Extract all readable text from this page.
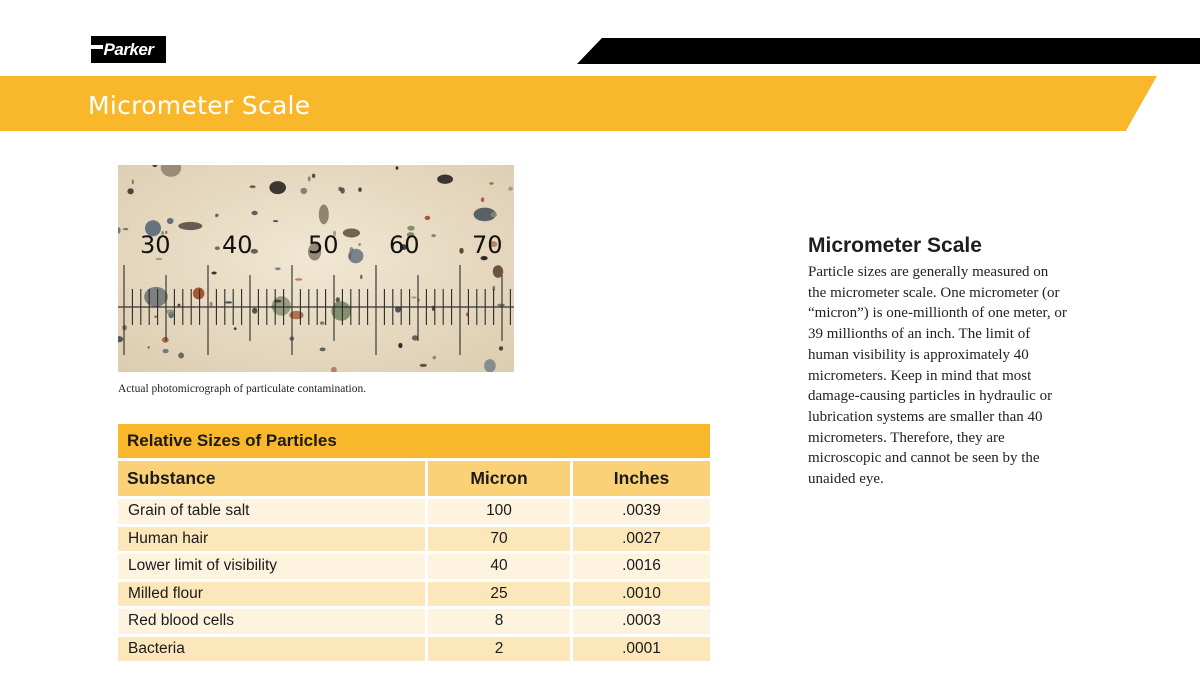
Parker
Micrometer Scale
30 40 50 60 70
Actual photomicrograph of particulate contamination.
Relative Sizes of Particles
Substance	Micron	Inches
Grain of table salt	100	.0039
Human hair	70	.0027
Lower limit of visibility	40	.0016
Milled flour	25	.0010
Red blood cells	8	.0003
Bacteria	2	.0001
Micrometer Scale
Particle sizes are generally measured on the micrometer scale. One micrometer (or “micron”) is one-millionth of one meter, or 39 millionths of an inch. The limit of human visibility is approximately 40 micrometers. Keep in mind that most damage-causing particles in hydraulic or lubrication systems are smaller than 40 micrometers. Therefore, they are microscopic and cannot be seen by the unaided eye.
